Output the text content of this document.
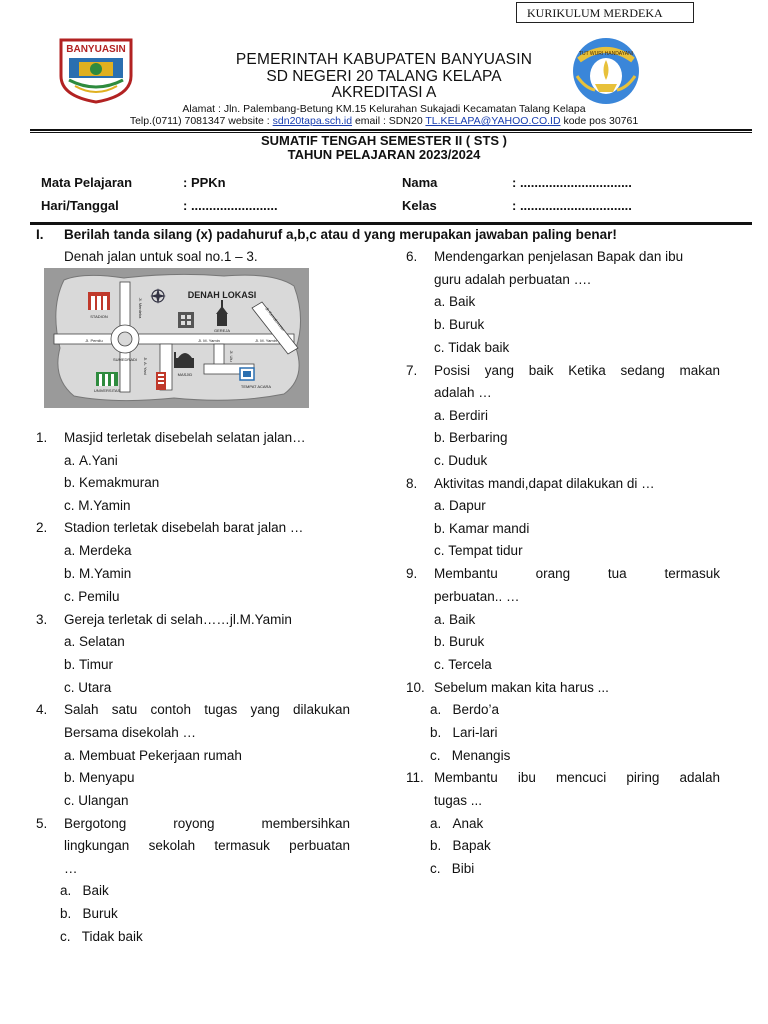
KURIKULUM MERDEKA
BANYUASIN	TUT WURI HANDAYANI
PEMERINTAH KABUPATEN BANYUASIN
SD NEGERI 20 TALANG KELAPA
AKREDITASI A
Alamat : Jln. Palembang-Betung KM.15 Kelurahan Sukajadi Kecamatan Talang Kelapa
Telp.(0711) 7081347 website : sdn20tapa.sch.id email : SDN20 TL.KELAPA@YAHOO.CO.ID kode pos 30761
SUMATIF TENGAH SEMESTER II ( STS )
TAHUN PELAJARAN 2023/2024
Mata Pelajaran	: PPKn
Hari/Tanggal	: ........................
Nama	: ...............................
Kelas	: ...............................
I. Berilah tanda silang (x) padahuruf a,b,c atau d yang merupakan jawaban paling benar!
Denah jalan untuk soal no.1 – 3.
DENAH LOKASI
STADION
GEREJA
SUMEDRADI
Jl. Pemilu	Jl. M. Yamin	Jl. M. Yamin
MASJID
UNIVERSITAS
TEMPAT ACARA
Jl. Merdeka
Jl. A. Yani
Jl. Kemakmuran
Jl. Ulu
1. Masjid terletak disebelah selatan jalan…
a. A.Yani
b. Kemakmuran
c. M.Yamin
2. Stadion terletak disebelah barat jalan …
a. Merdeka
b. M.Yamin
c. Pemilu
3. Gereja terletak di selah……jl.M.Yamin
a. Selatan
b. Timur
c. Utara
4. Salah satu contoh tugas yang dilakukan
Bersama disekolah …
a. Membuat Pekerjaan rumah
b. Menyapu
c. Ulangan
5. Bergotong royong membersihkan
lingkungan sekolah termasuk perbuatan
…
a. Baik
b. Buruk
c. Tidak baik
6. Mendengarkan penjelasan Bapak dan ibu
guru adalah perbuatan ….
a. Baik
b. Buruk
c. Tidak baik
7. Posisi yang baik Ketika sedang makan
adalah …
a. Berdiri
b. Berbaring
c. Duduk
8. Aktivitas mandi,dapat dilakukan di …
a. Dapur
b. Kamar mandi
c. Tempat tidur
9. Membantu orang tua termasuk
perbuatan.. …
a. Baik
b. Buruk
c. Tercela
10. Sebelum makan kita harus ...
a. Berdo’a
b. Lari-lari
c. Menangis
11. Membantu ibu mencuci piring adalah
tugas ...
a. Anak
b. Bapak
c. Bibi
